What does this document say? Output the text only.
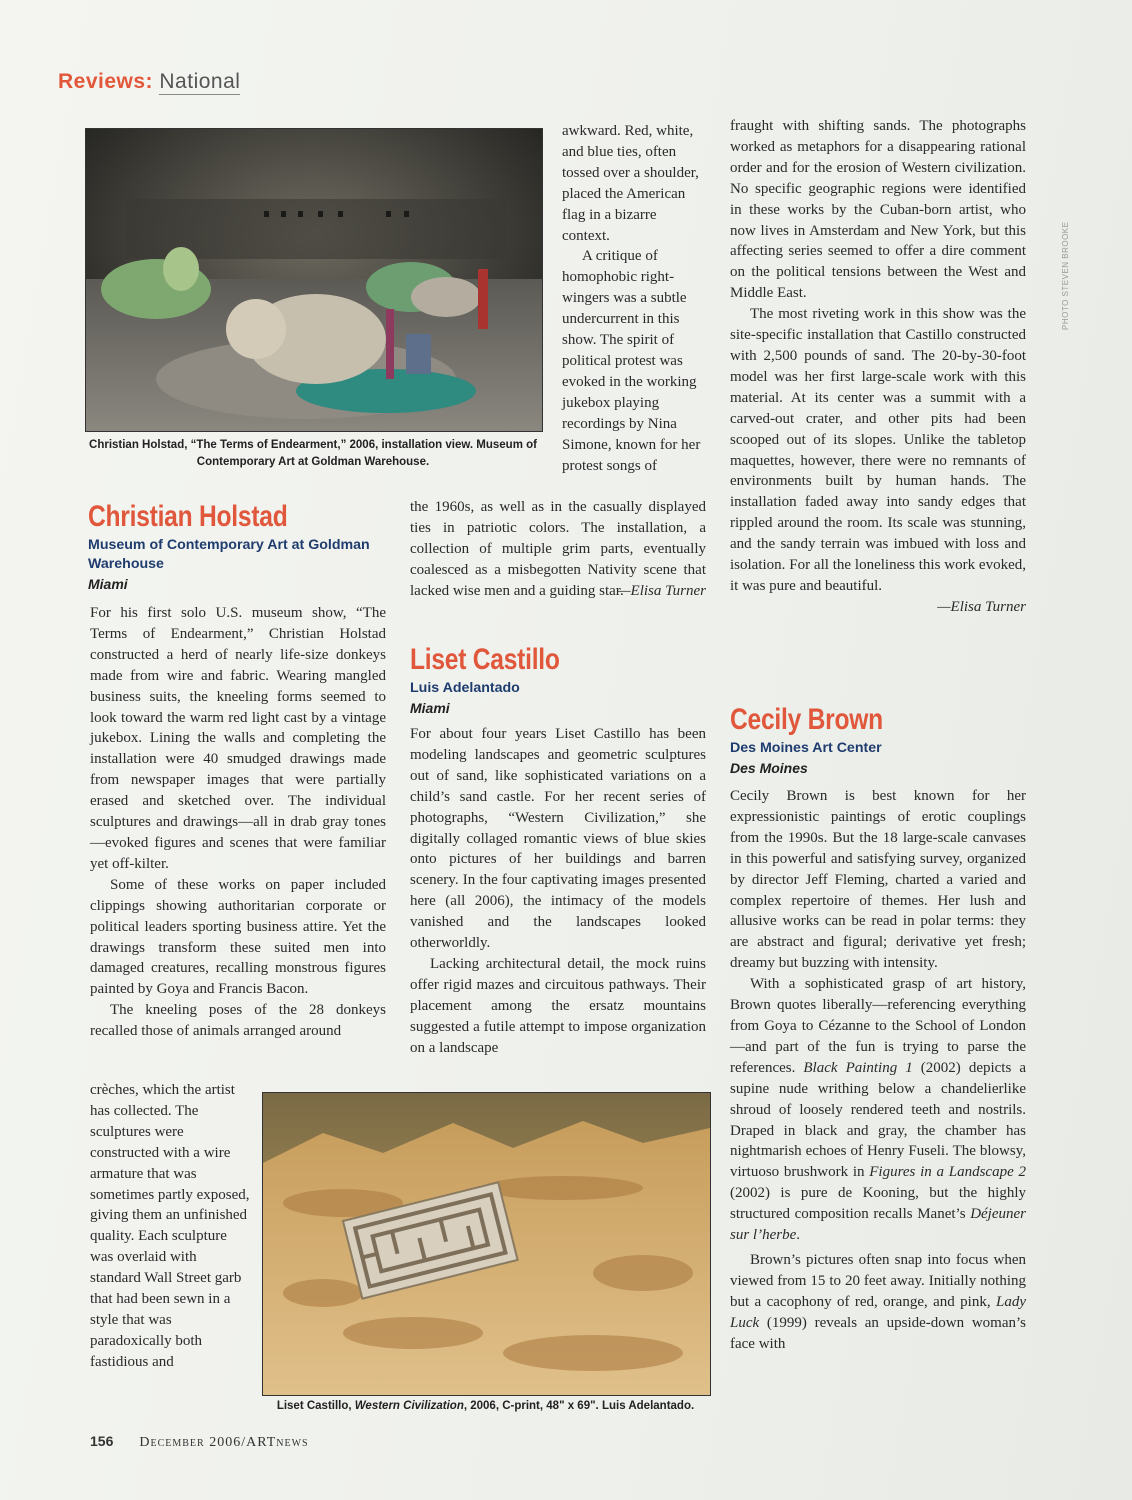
Reviews: National
PHOTO STEVEN BROOKE
Christian Holstad, “The Terms of Endearment,” 2006, installation view. Museum of Contemporary Art at Goldman Warehouse.
Christian Holstad
Museum of Contemporary Art at Goldman Warehouse
Miami

For his first solo U.S. museum show, “The Terms of Endearment,” Christian Holstad constructed a herd of nearly life-size donkeys made from wire and fabric. Wearing mangled business suits, the kneeling forms seemed to look toward the warm red light cast by a vintage jukebox. Lining the walls and completing the installation were 40 smudged drawings made from newspaper images that were partially erased and sketched over. The individual sculptures and drawings—all in drab gray tones—evoked figures and scenes that were familiar yet off-kilter.

Some of these works on paper included clippings showing authoritarian corporate or political leaders sporting business attire. Yet the drawings transform these suited men into damaged creatures, recalling monstrous figures painted by Goya and Francis Bacon.

The kneeling poses of the 28 donkeys recalled those of animals arranged around

crèches, which the artist has collected. The sculptures were constructed with a wire armature that was sometimes partly exposed, giving them an unfinished quality. Each sculpture was overlaid with standard Wall Street garb that had been sewn in a style that was paradoxically both fastidious and

awkward. Red, white, and blue ties, often tossed over a shoulder, placed the American flag in a bizarre context.

A critique of homophobic right-wingers was a subtle undercurrent in this show. The spirit of political protest was evoked in the working jukebox playing recordings by Nina Simone, known for her protest songs of

the 1960s, as well as in the casually displayed ties in patriotic colors. The installation, a collection of multiple grim parts, eventually coalesced as a misbegotten Nativity scene that lacked wise men and a guiding star.

—Elisa Turner

Liset Castillo
Luis Adelantado
Miami

For about four years Liset Castillo has been modeling landscapes and geometric sculptures out of sand, like sophisticated variations on a child’s sand castle. For her recent series of photographs, “Western Civilization,” she digitally collaged romantic views of blue skies onto pictures of her buildings and barren scenery. In the four captivating images presented here (all 2006), the intimacy of the models vanished and the landscapes looked otherworldly.

Lacking architectural detail, the mock ruins offer rigid mazes and circuitous pathways. Their placement among the ersatz mountains suggested a futile attempt to impose organization on a landscape

fraught with shifting sands. The photographs worked as metaphors for a disappearing rational order and for the erosion of Western civilization. No specific geographic regions were identified in these works by the Cuban-born artist, who now lives in Amsterdam and New York, but this affecting series seemed to offer a dire comment on the political tensions between the West and Middle East.

The most riveting work in this show was the site-specific installation that Castillo constructed with 2,500 pounds of sand. The 20-by-30-foot model was her first large-scale work with this material. At its center was a summit with a carved-out crater, and other pits had been scooped out of its slopes. Unlike the tabletop maquettes, however, there were no remnants of environments built by human hands. The installation faded away into sandy edges that rippled around the room. Its scale was stunning, and the sandy terrain was imbued with loss and isolation. For all the loneliness this work evoked, it was pure and beautiful.

—Elisa Turner

Cecily Brown
Des Moines Art Center
Des Moines

Cecily Brown is best known for her expressionistic paintings of erotic couplings from the 1990s. But the 18 large-scale canvases in this powerful and satisfying survey, organized by director Jeff Fleming, charted a varied and complex repertoire of themes. Her lush and allusive works can be read in polar terms: they are abstract and figural; derivative yet fresh; dreamy but buzzing with intensity.

With a sophisticated grasp of art history, Brown quotes liberally—referencing everything from Goya to Cézanne to the School of London—and part of the fun is trying to parse the references. Black Painting 1 (2002) depicts a supine nude writhing below a chandelierlike shroud of loosely rendered teeth and nostrils. Draped in black and gray, the chamber has nightmarish echoes of Henry Fuseli. The blowsy, virtuoso brushwork in Figures in a Landscape 2 (2002) is pure de Kooning, but the highly structured composition recalls Manet’s Déjeuner sur l’herbe.

Brown’s pictures often snap into focus when viewed from 15 to 20 feet away. Initially nothing but a cacophony of red, orange, and pink, Lady Luck (1999) reveals an upside-down woman’s face with

Liset Castillo, Western Civilization, 2006, C-print, 48" x 69". Luis Adelantado.
156 December 2006/ARTnews
